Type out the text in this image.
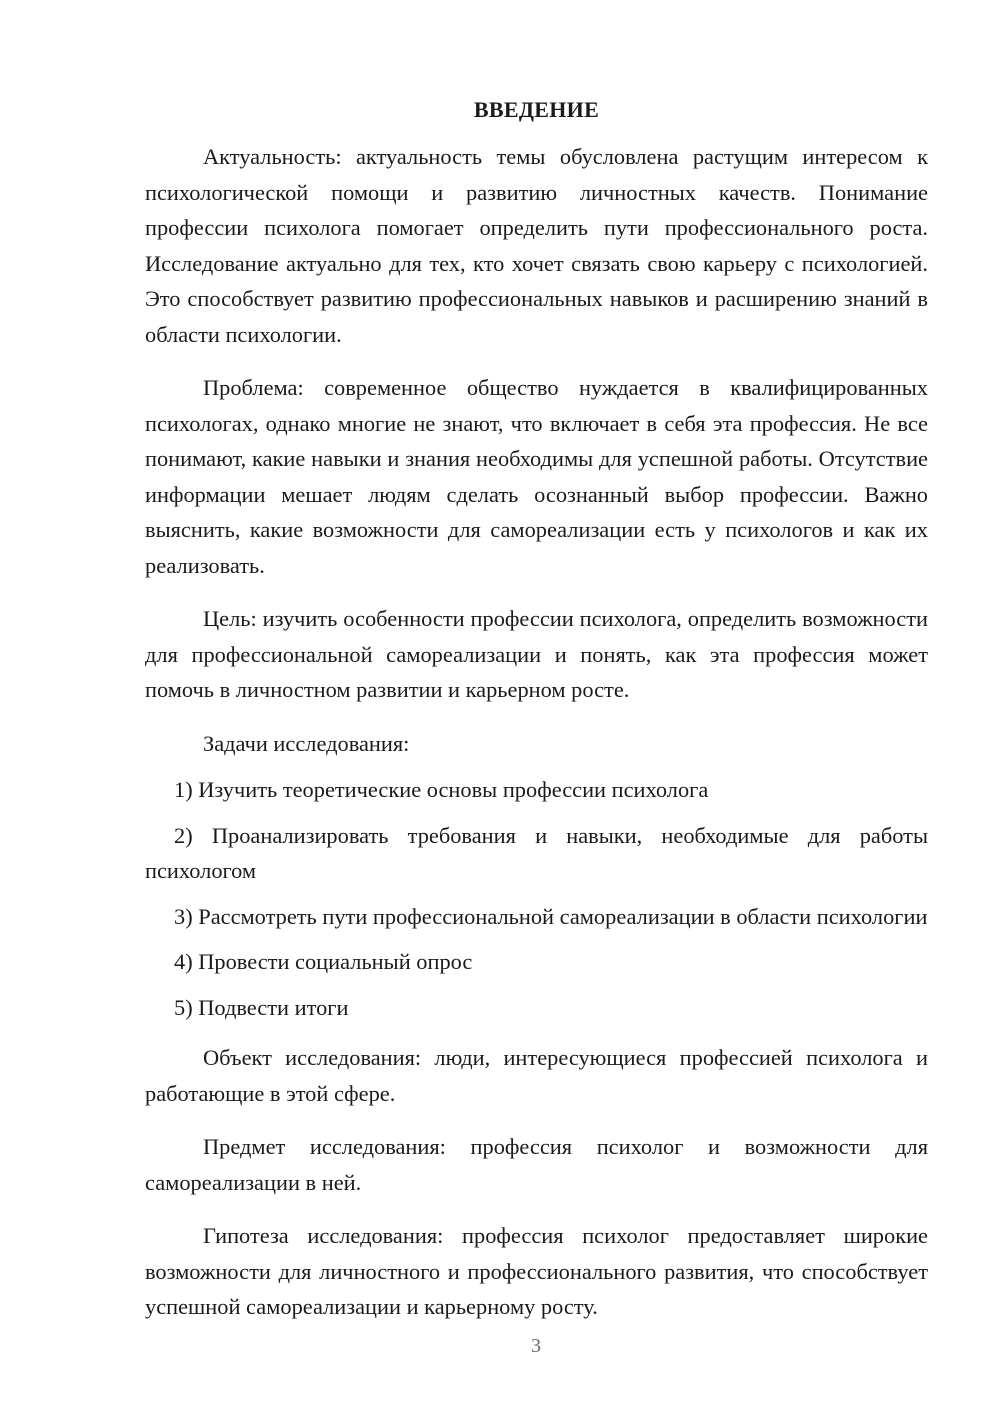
ВВЕДЕНИЕ

Актуальность: актуальность темы обусловлена растущим интересом к психологической помощи и развитию личностных качеств. Понимание профессии психолога помогает определить пути профессионального роста. Исследование актуально для тех, кто хочет связать свою карьеру с психологией. Это способствует развитию профессиональных навыков и расширению знаний в области психологии.

Проблема: современное общество нуждается в квалифицированных психологах, однако многие не знают, что включает в себя эта профессия. Не все понимают, какие навыки и знания необходимы для успешной работы. Отсутствие информации мешает людям сделать осознанный выбор профессии. Важно выяснить, какие возможности для самореализации есть у психологов и как их реализовать.

Цель: изучить особенности профессии психолога, определить возможности для профессиональной самореализации и понять, как эта профессия может помочь в личностном развитии и карьерном росте.

Задачи исследования:

1) Изучить теоретические основы профессии психолога

2) Проанализировать требования и навыки, необходимые для работы психологом

3) Рассмотреть пути профессиональной самореализации в области психологии

4) Провести социальный опрос

5) Подвести итоги

Объект исследования: люди, интересующиеся профессией психолога и работающие в этой сфере.

Предмет исследования: профессия психолог и возможности для самореализации в ней.

Гипотеза исследования: профессия психолог предоставляет широкие возможности для личностного и профессионального развития, что способствует успешной самореализации и карьерному росту.

3
